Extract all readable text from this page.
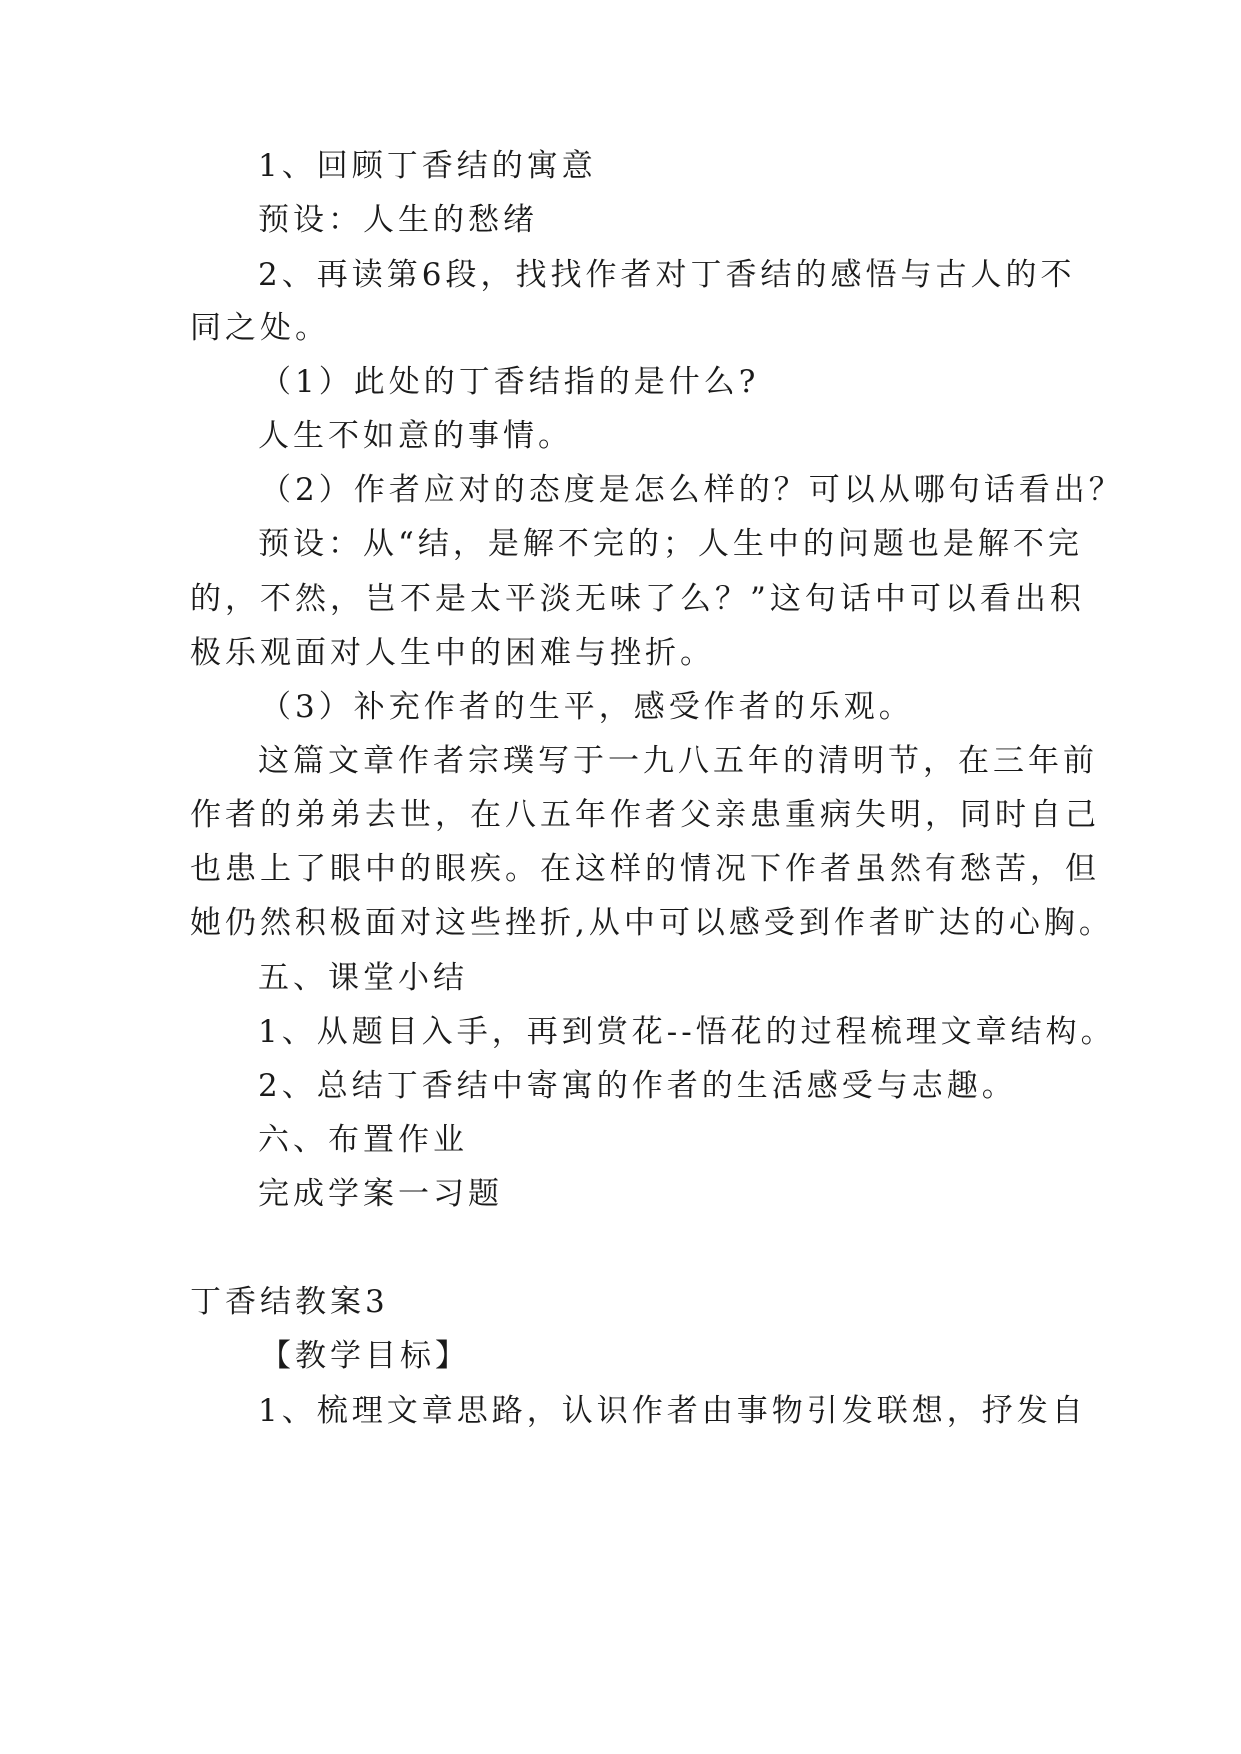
1、回顾丁香结的寓意
预设：人生的愁绪
2、再读第6段，找找作者对丁香结的感悟与古人的不
同之处。
（1）此处的丁香结指的是什么?
人生不如意的事情。
（2）作者应对的态度是怎么样的？可以从哪句话看出？
预设：从“结，是解不完的；人生中的问题也是解不完
的，不然，岂不是太平淡无味了么？”这句话中可以看出积
极乐观面对人生中的困难与挫折。
（3）补充作者的生平，感受作者的乐观。
这篇文章作者宗璞写于一九八五年的清明节，在三年前
作者的弟弟去世，在八五年作者父亲患重病失明，同时自己
也患上了眼中的眼疾。在这样的情况下作者虽然有愁苦，但
她仍然积极面对这些挫折,从中可以感受到作者旷达的心胸。
五、课堂小结
1、从题目入手，再到赏花--悟花的过程梳理文章结构。
2、总结丁香结中寄寓的作者的生活感受与志趣。
六、布置作业
完成学案一习题
丁香结教案3
【教学目标】
1、梳理文章思路，认识作者由事物引发联想，抒发自
